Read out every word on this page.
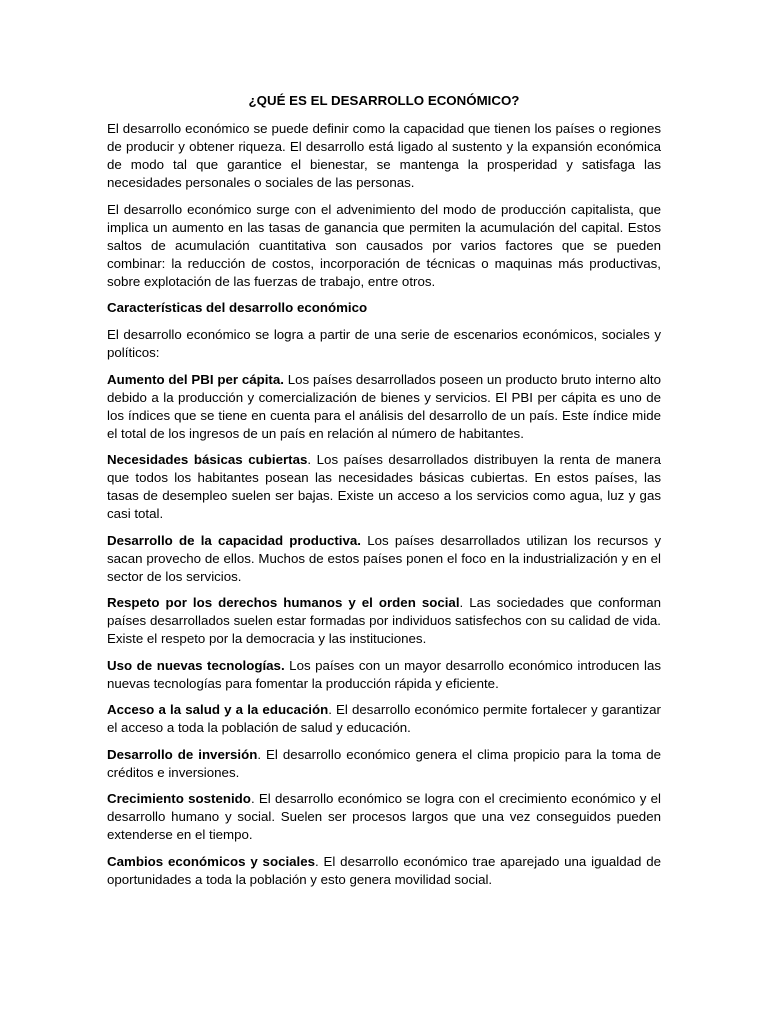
¿QUÉ ES EL DESARROLLO ECONÓMICO?

El desarrollo económico se puede definir como la capacidad que tienen los países o regiones de producir y obtener riqueza. El desarrollo está ligado al sustento y la expansión económica de modo tal que garantice el bienestar, se mantenga la prosperidad y satisfaga las necesidades personales o sociales de las personas.

El desarrollo económico surge con el advenimiento del modo de producción capitalista, que implica un aumento en las tasas de ganancia que permiten la acumulación del capital. Estos saltos de acumulación cuantitativa son causados por varios factores que se pueden combinar: la reducción de costos, incorporación de técnicas o maquinas más productivas, sobre explotación de las fuerzas de trabajo, entre otros.

Características del desarrollo económico

El desarrollo económico se logra a partir de una serie de escenarios económicos, sociales y políticos:

Aumento del PBI per cápita. Los países desarrollados poseen un producto bruto interno alto debido a la producción y comercialización de bienes y servicios. El PBI per cápita es uno de los índices que se tiene en cuenta para el análisis del desarrollo de un país. Este índice mide el total de los ingresos de un país en relación al número de habitantes.

Necesidades básicas cubiertas. Los países desarrollados distribuyen la renta de manera que todos los habitantes posean las necesidades básicas cubiertas. En estos países, las tasas de desempleo suelen ser bajas. Existe un acceso a los servicios como agua, luz y gas casi total.

Desarrollo de la capacidad productiva. Los países desarrollados utilizan los recursos y sacan provecho de ellos. Muchos de estos países ponen el foco en la industrialización y en el sector de los servicios.

Respeto por los derechos humanos y el orden social. Las sociedades que conforman países desarrollados suelen estar formadas por individuos satisfechos con su calidad de vida. Existe el respeto por la democracia y las instituciones.

Uso de nuevas tecnologías. Los países con un mayor desarrollo económico introducen las nuevas tecnologías para fomentar la producción rápida y eficiente.

Acceso a la salud y a la educación. El desarrollo económico permite fortalecer y garantizar el acceso a toda la población de salud y educación.

Desarrollo de inversión. El desarrollo económico genera el clima propicio para la toma de créditos e inversiones.

Crecimiento sostenido. El desarrollo económico se logra con el crecimiento económico y el desarrollo humano y social. Suelen ser procesos largos que una vez conseguidos pueden extenderse en el tiempo.

Cambios económicos y sociales. El desarrollo económico trae aparejado una igualdad de oportunidades a toda la población y esto genera movilidad social.
